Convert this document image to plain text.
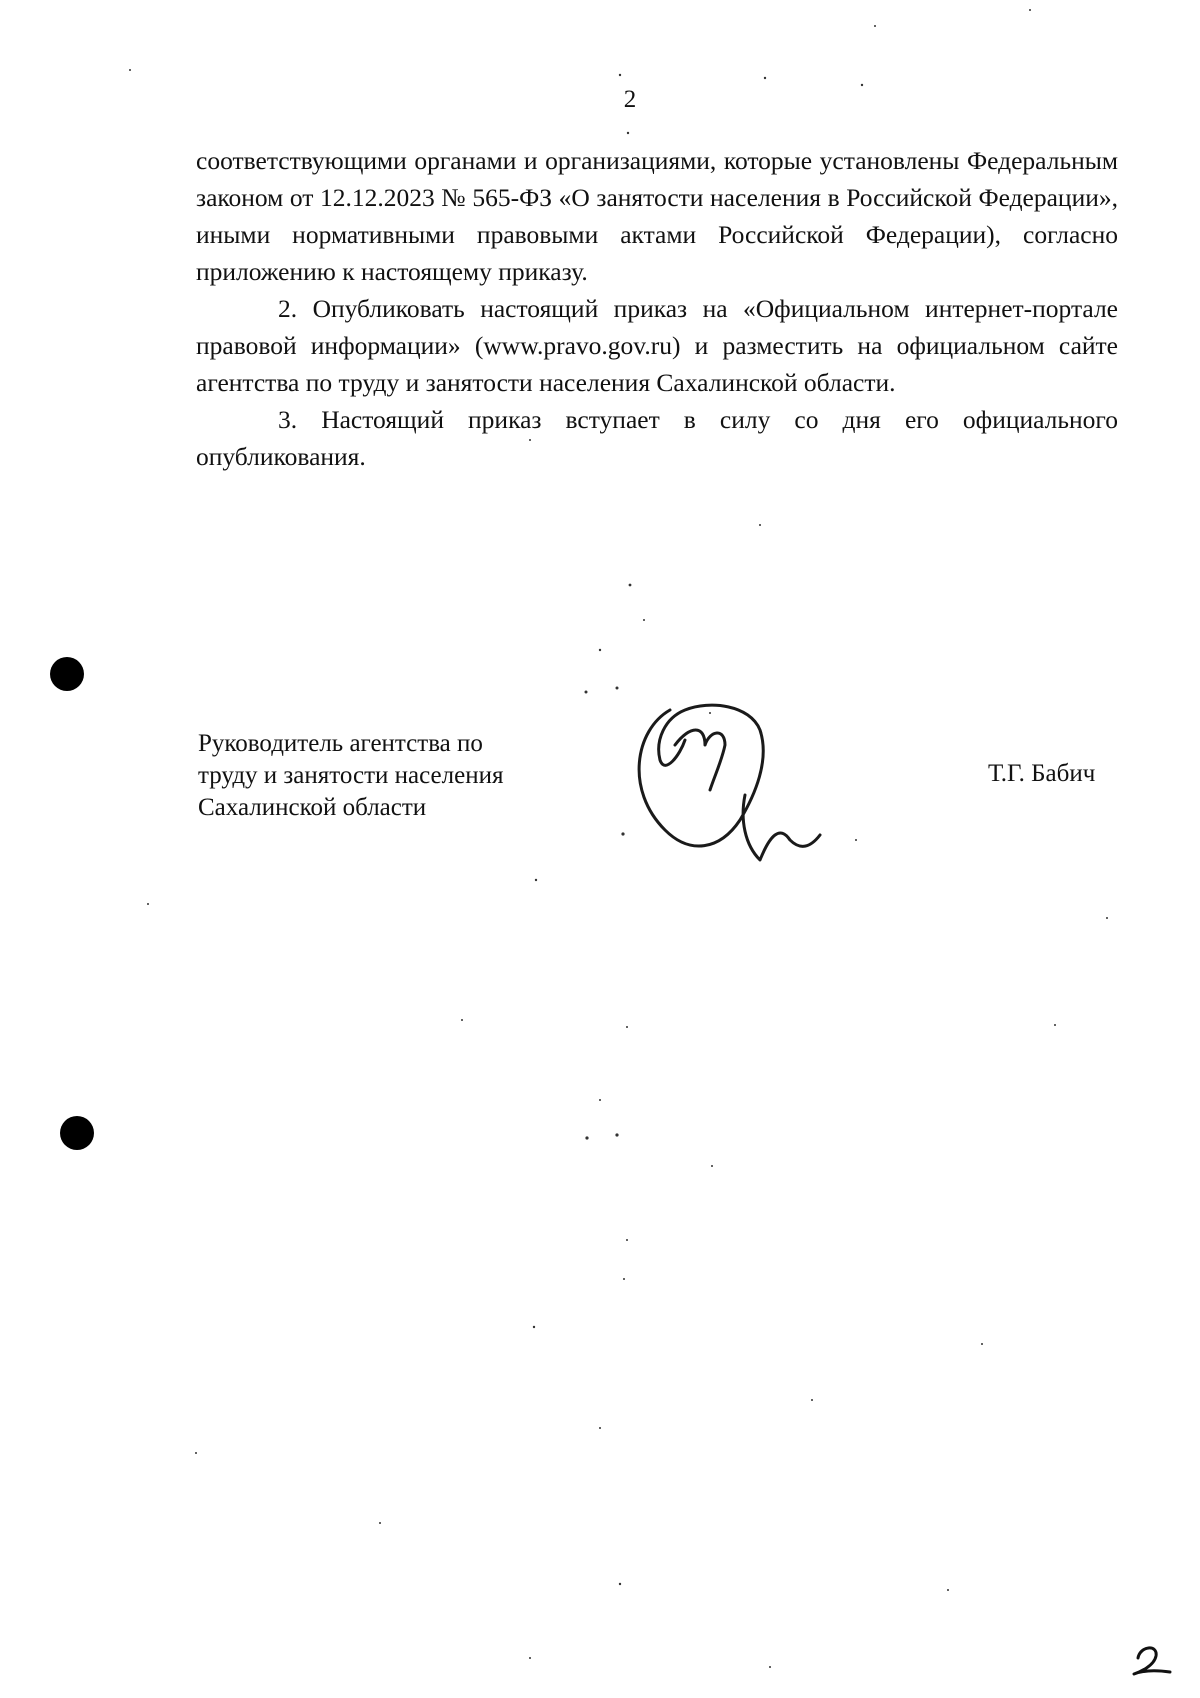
2

соответствующими органами и организациями, которые установлены Федеральным законом от 12.12.2023 № 565-ФЗ «О занятости населения в Российской Федерации», иными нормативными правовыми актами Российской Федерации), согласно приложению к настоящему приказу.

2. Опубликовать настоящий приказ на «Официальном интернет-портале правовой информации» (www.pravo.gov.ru) и разместить на официальном сайте агентства по труду и занятости населения Сахалинской области.

3. Настоящий приказ вступает в силу со дня его официального опубликования.

Руководитель агентства по
труду и занятости населения
Сахалинской области
Т.Г. Бабич
